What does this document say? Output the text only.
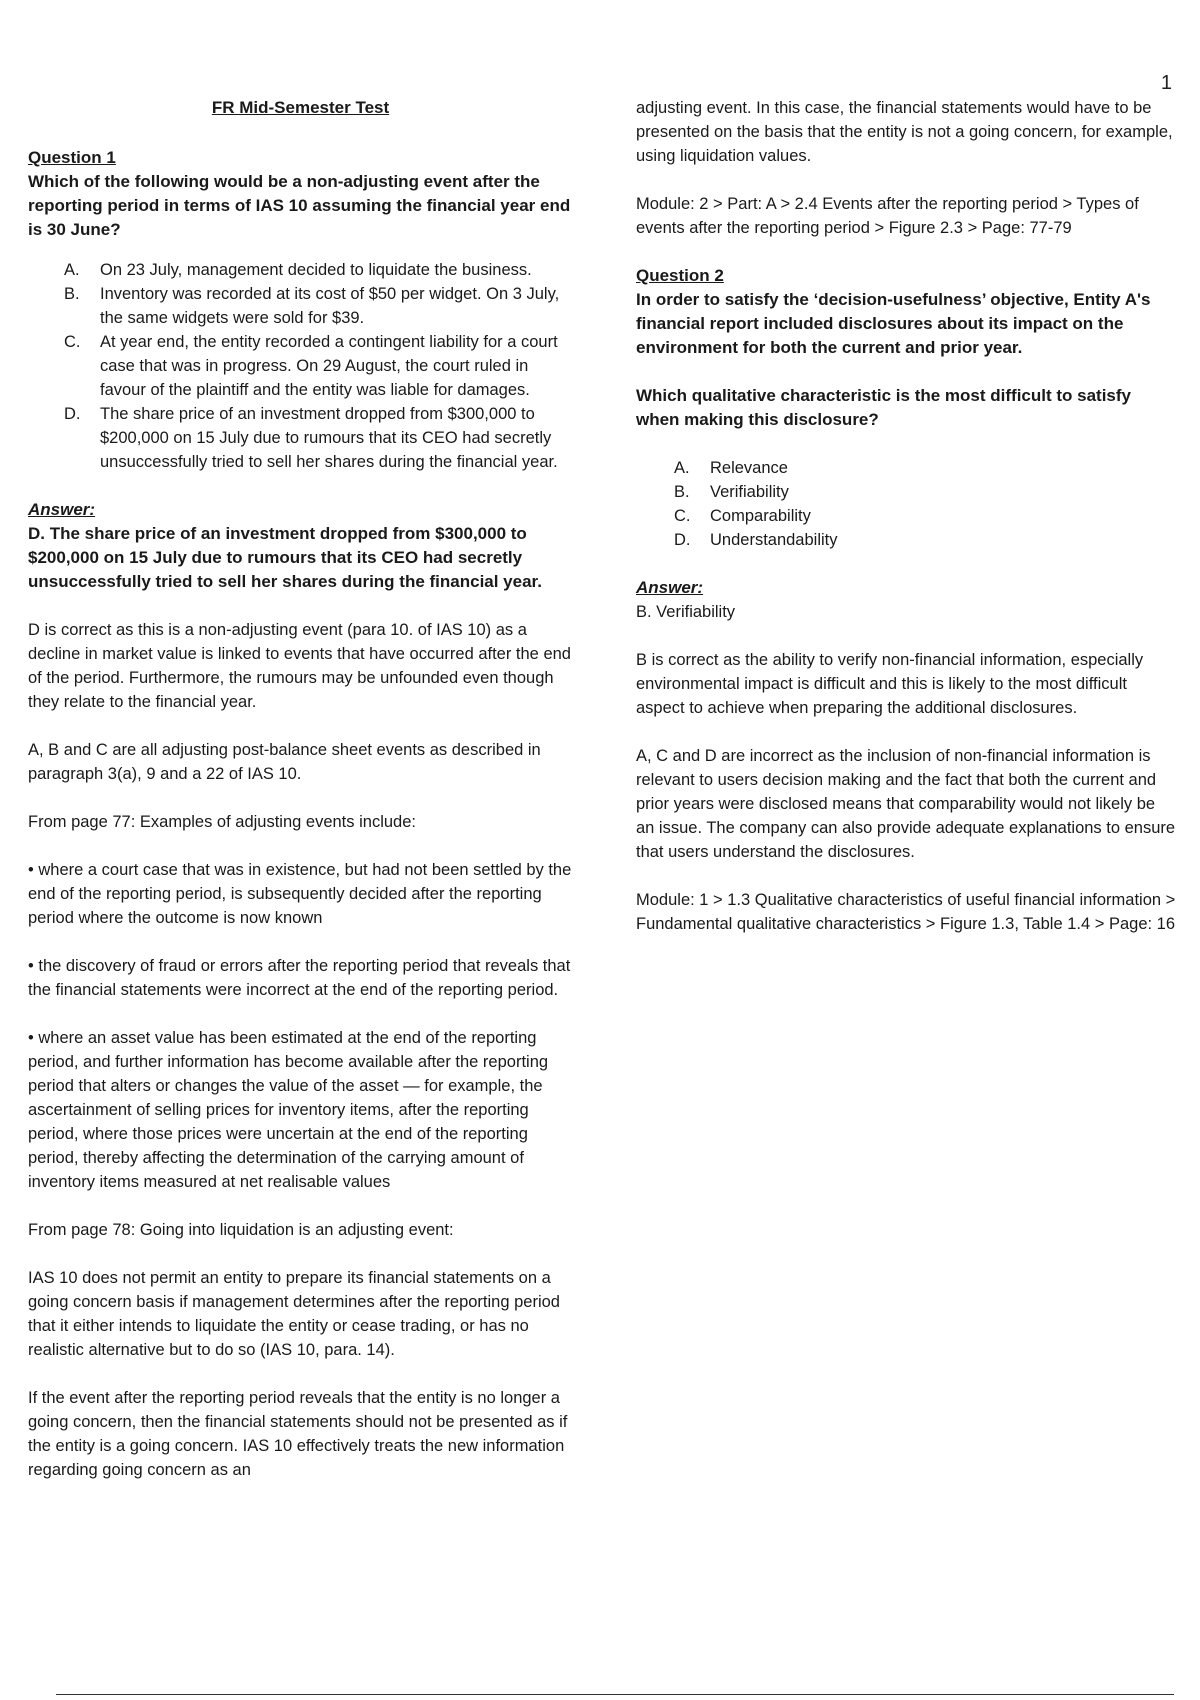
1

FR Mid-Semester Test

Question 1

Which of the following would be a non-adjusting event after the reporting period in terms of IAS 10 assuming the financial year end is 30 June?

A. On 23 July, management decided to liquidate the business.
B. Inventory was recorded at its cost of $50 per widget. On 3 July, the same widgets were sold for $39.
C. At year end, the entity recorded a contingent liability for a court case that was in progress. On 29 August, the court ruled in favour of the plaintiff and the entity was liable for damages.
D. The share price of an investment dropped from $300,000 to $200,000 on 15 July due to rumours that its CEO had secretly unsuccessfully tried to sell her shares during the financial year.

Answer:

D. The share price of an investment dropped from $300,000 to $200,000 on 15 July due to rumours that its CEO had secretly unsuccessfully tried to sell her shares during the financial year.

D is correct as this is a non-adjusting event (para 10. of IAS 10) as a decline in market value is linked to events that have occurred after the end of the period. Furthermore, the rumours may be unfounded even though they relate to the financial year.

A, B and C are all adjusting post-balance sheet events as described in paragraph 3(a), 9 and a 22 of IAS 10.

From page 77: Examples of adjusting events include:

• where a court case that was in existence, but had not been settled by the end of the reporting period, is subsequently decided after the reporting period where the outcome is now known

• the discovery of fraud or errors after the reporting period that reveals that the financial statements were incorrect at the end of the reporting period.

• where an asset value has been estimated at the end of the reporting period, and further information has become available after the reporting period that alters or changes the value of the asset — for example, the ascertainment of selling prices for inventory items, after the reporting period, where those prices were uncertain at the end of the reporting period, thereby affecting the determination of the carrying amount of inventory items measured at net realisable values

From page 78: Going into liquidation is an adjusting event:

IAS 10 does not permit an entity to prepare its financial statements on a going concern basis if management determines after the reporting period that it either intends to liquidate the entity or cease trading, or has no realistic alternative but to do so (IAS 10, para. 14).

If the event after the reporting period reveals that the entity is no longer a going concern, then the financial statements should not be presented as if the entity is a going concern. IAS 10 effectively treats the new information regarding going concern as an

adjusting event. In this case, the financial statements would have to be presented on the basis that the entity is not a going concern, for example, using liquidation values.

Module: 2 > Part: A > 2.4 Events after the reporting period > Types of events after the reporting period > Figure 2.3 > Page: 77-79

Question 2

In order to satisfy the ‘decision-usefulness’ objective, Entity A's financial report included disclosures about its impact on the environment for both the current and prior year.

Which qualitative characteristic is the most difficult to satisfy when making this disclosure?

A. Relevance
B. Verifiability
C. Comparability
D. Understandability

Answer:

B. Verifiability

B is correct as the ability to verify non-financial information, especially environmental impact is difficult and this is likely to the most difficult aspect to achieve when preparing the additional disclosures.

A, C and D are incorrect as the inclusion of non-financial information is relevant to users decision making and the fact that both the current and prior years were disclosed means that comparability would not likely be an issue. The company can also provide adequate explanations to ensure that users understand the disclosures.

Module: 1 > 1.3 Qualitative characteristics of useful financial information > Fundamental qualitative characteristics > Figure 1.3, Table 1.4 > Page: 16
